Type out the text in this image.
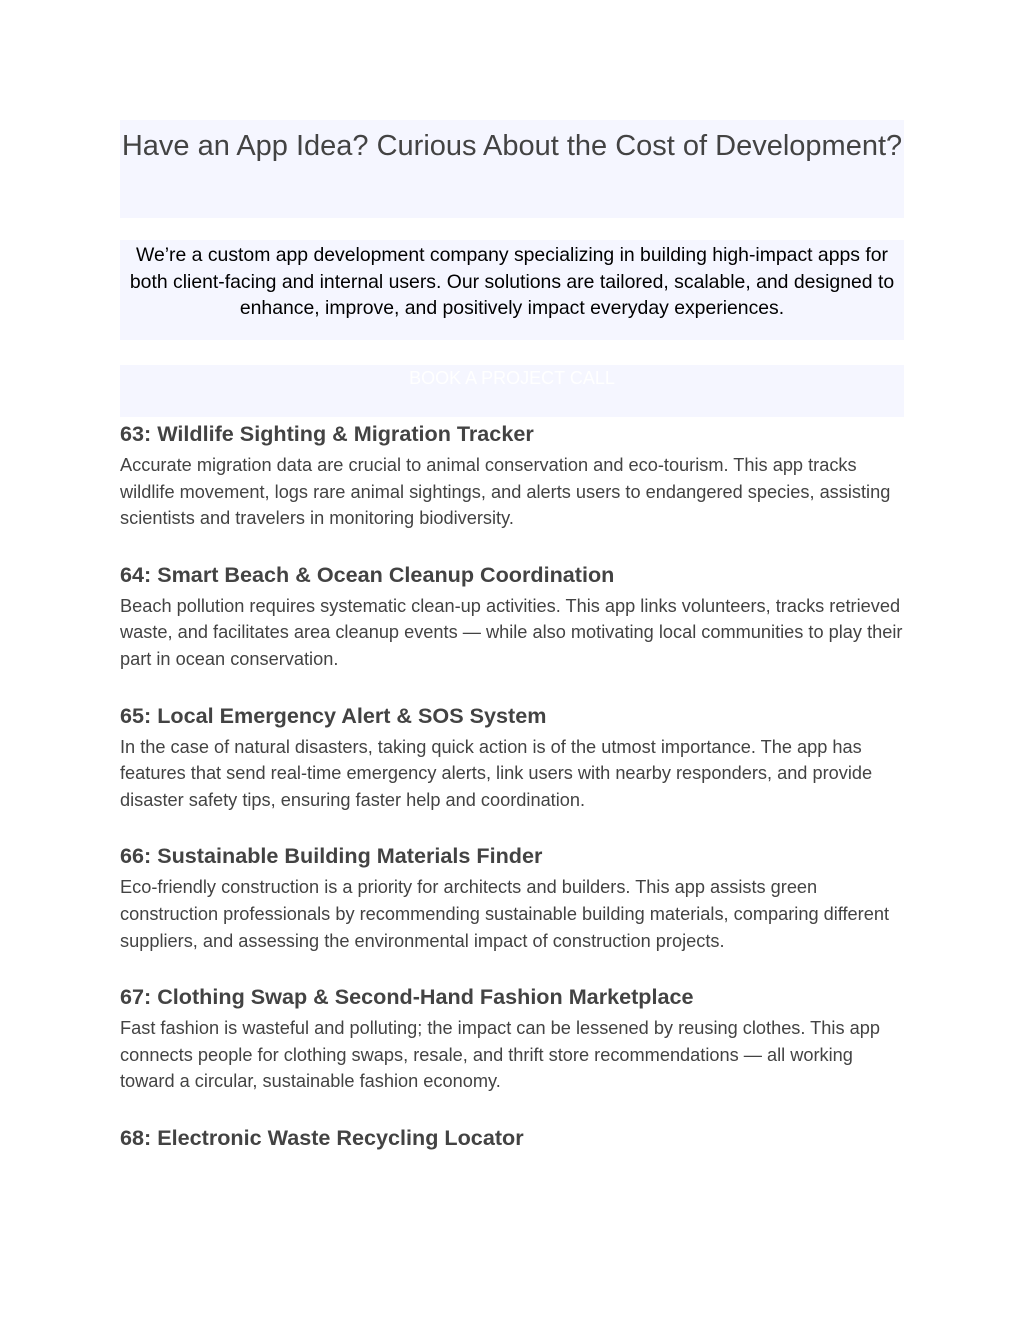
Have an App Idea? Curious About the Cost of Development?

We’re a custom app development company specializing in building high-impact apps for both client-facing and internal users. Our solutions are tailored, scalable, and designed to enhance, improve, and positively impact everyday experiences.

BOOK A PROJECT CALL
63: Wildlife Sighting & Migration Tracker

Accurate migration data are crucial to animal conservation and eco-tourism. This app tracks wildlife movement, logs rare animal sightings, and alerts users to endangered species, assisting scientists and travelers in monitoring biodiversity.

64: Smart Beach & Ocean Cleanup Coordination

Beach pollution requires systematic clean-up activities. This app links volunteers, tracks retrieved waste, and facilitates area cleanup events — while also motivating local communities to play their part in ocean conservation.

65: Local Emergency Alert & SOS System

In the case of natural disasters, taking quick action is of the utmost importance. The app has features that send real-time emergency alerts, link users with nearby responders, and provide disaster safety tips, ensuring faster help and coordination.

66: Sustainable Building Materials Finder

Eco-friendly construction is a priority for architects and builders. This app assists green construction professionals by recommending sustainable building materials, comparing different suppliers, and assessing the environmental impact of construction projects.

67: Clothing Swap & Second-Hand Fashion Marketplace

Fast fashion is wasteful and polluting; the impact can be lessened by reusing clothes. This app connects people for clothing swaps, resale, and thrift store recommendations — all working toward a circular, sustainable fashion economy.

68: Electronic Waste Recycling Locator
